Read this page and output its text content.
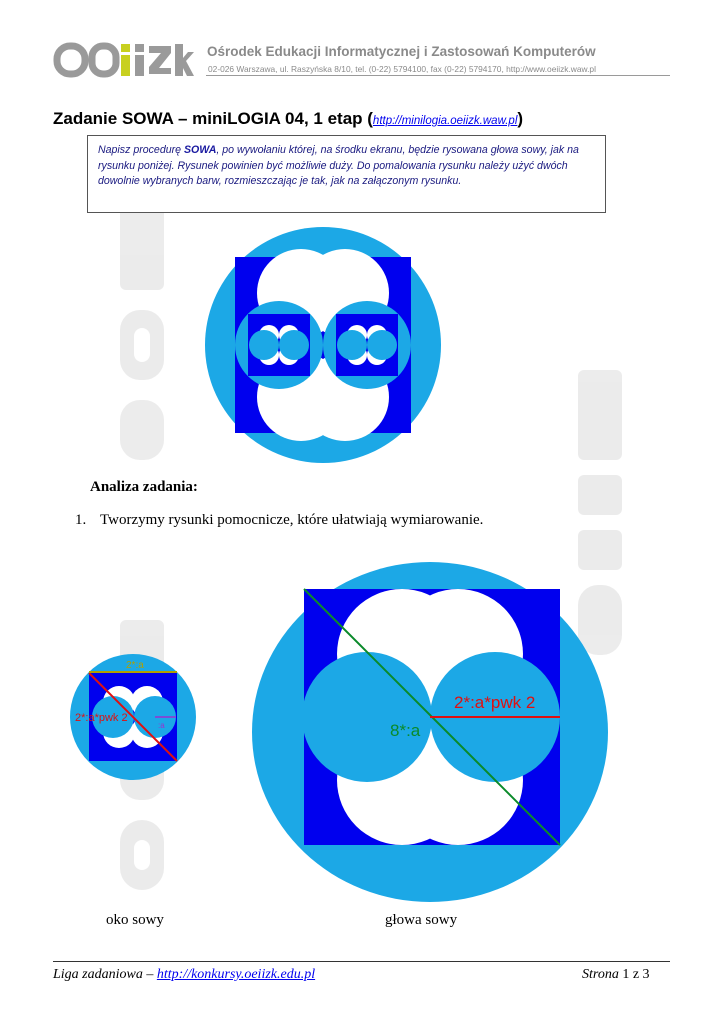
Ośrodek Edukacji Informatycznej i Zastosowań Komputerów
02-026 Warszawa, ul. Raszyńska 8/10, tel. (0-22) 5794100, fax (0-22) 5794170, http://www.oeiizk.waw.pl
Zadanie SOWA – miniLOGIA 04, 1 etap (http://minilogia.oeiizk.waw.pl)
Napisz procedurę SOWA, po wywołaniu której, na środku ekranu, będzie rysowana głowa sowy, jak na rysunku poniżej. Rysunek powinien być możliwie duży. Do pomalowania rysunku należy użyć dwóch dowolnie wybranych barw, rozmieszczając je tak, jak na załączonym rysunku.
Analiza zadania:
1. Tworzymy rysunki pomocnicze, które ułatwiają wymiarowanie.
2*:a
2*:a*pwk 2
:a
2*:a*pwk 2
8*:a
oko sowy	głowa sowy
Liga zadaniowa – http://konkursy.oeiizk.edu.pl	Strona 1 z 3
